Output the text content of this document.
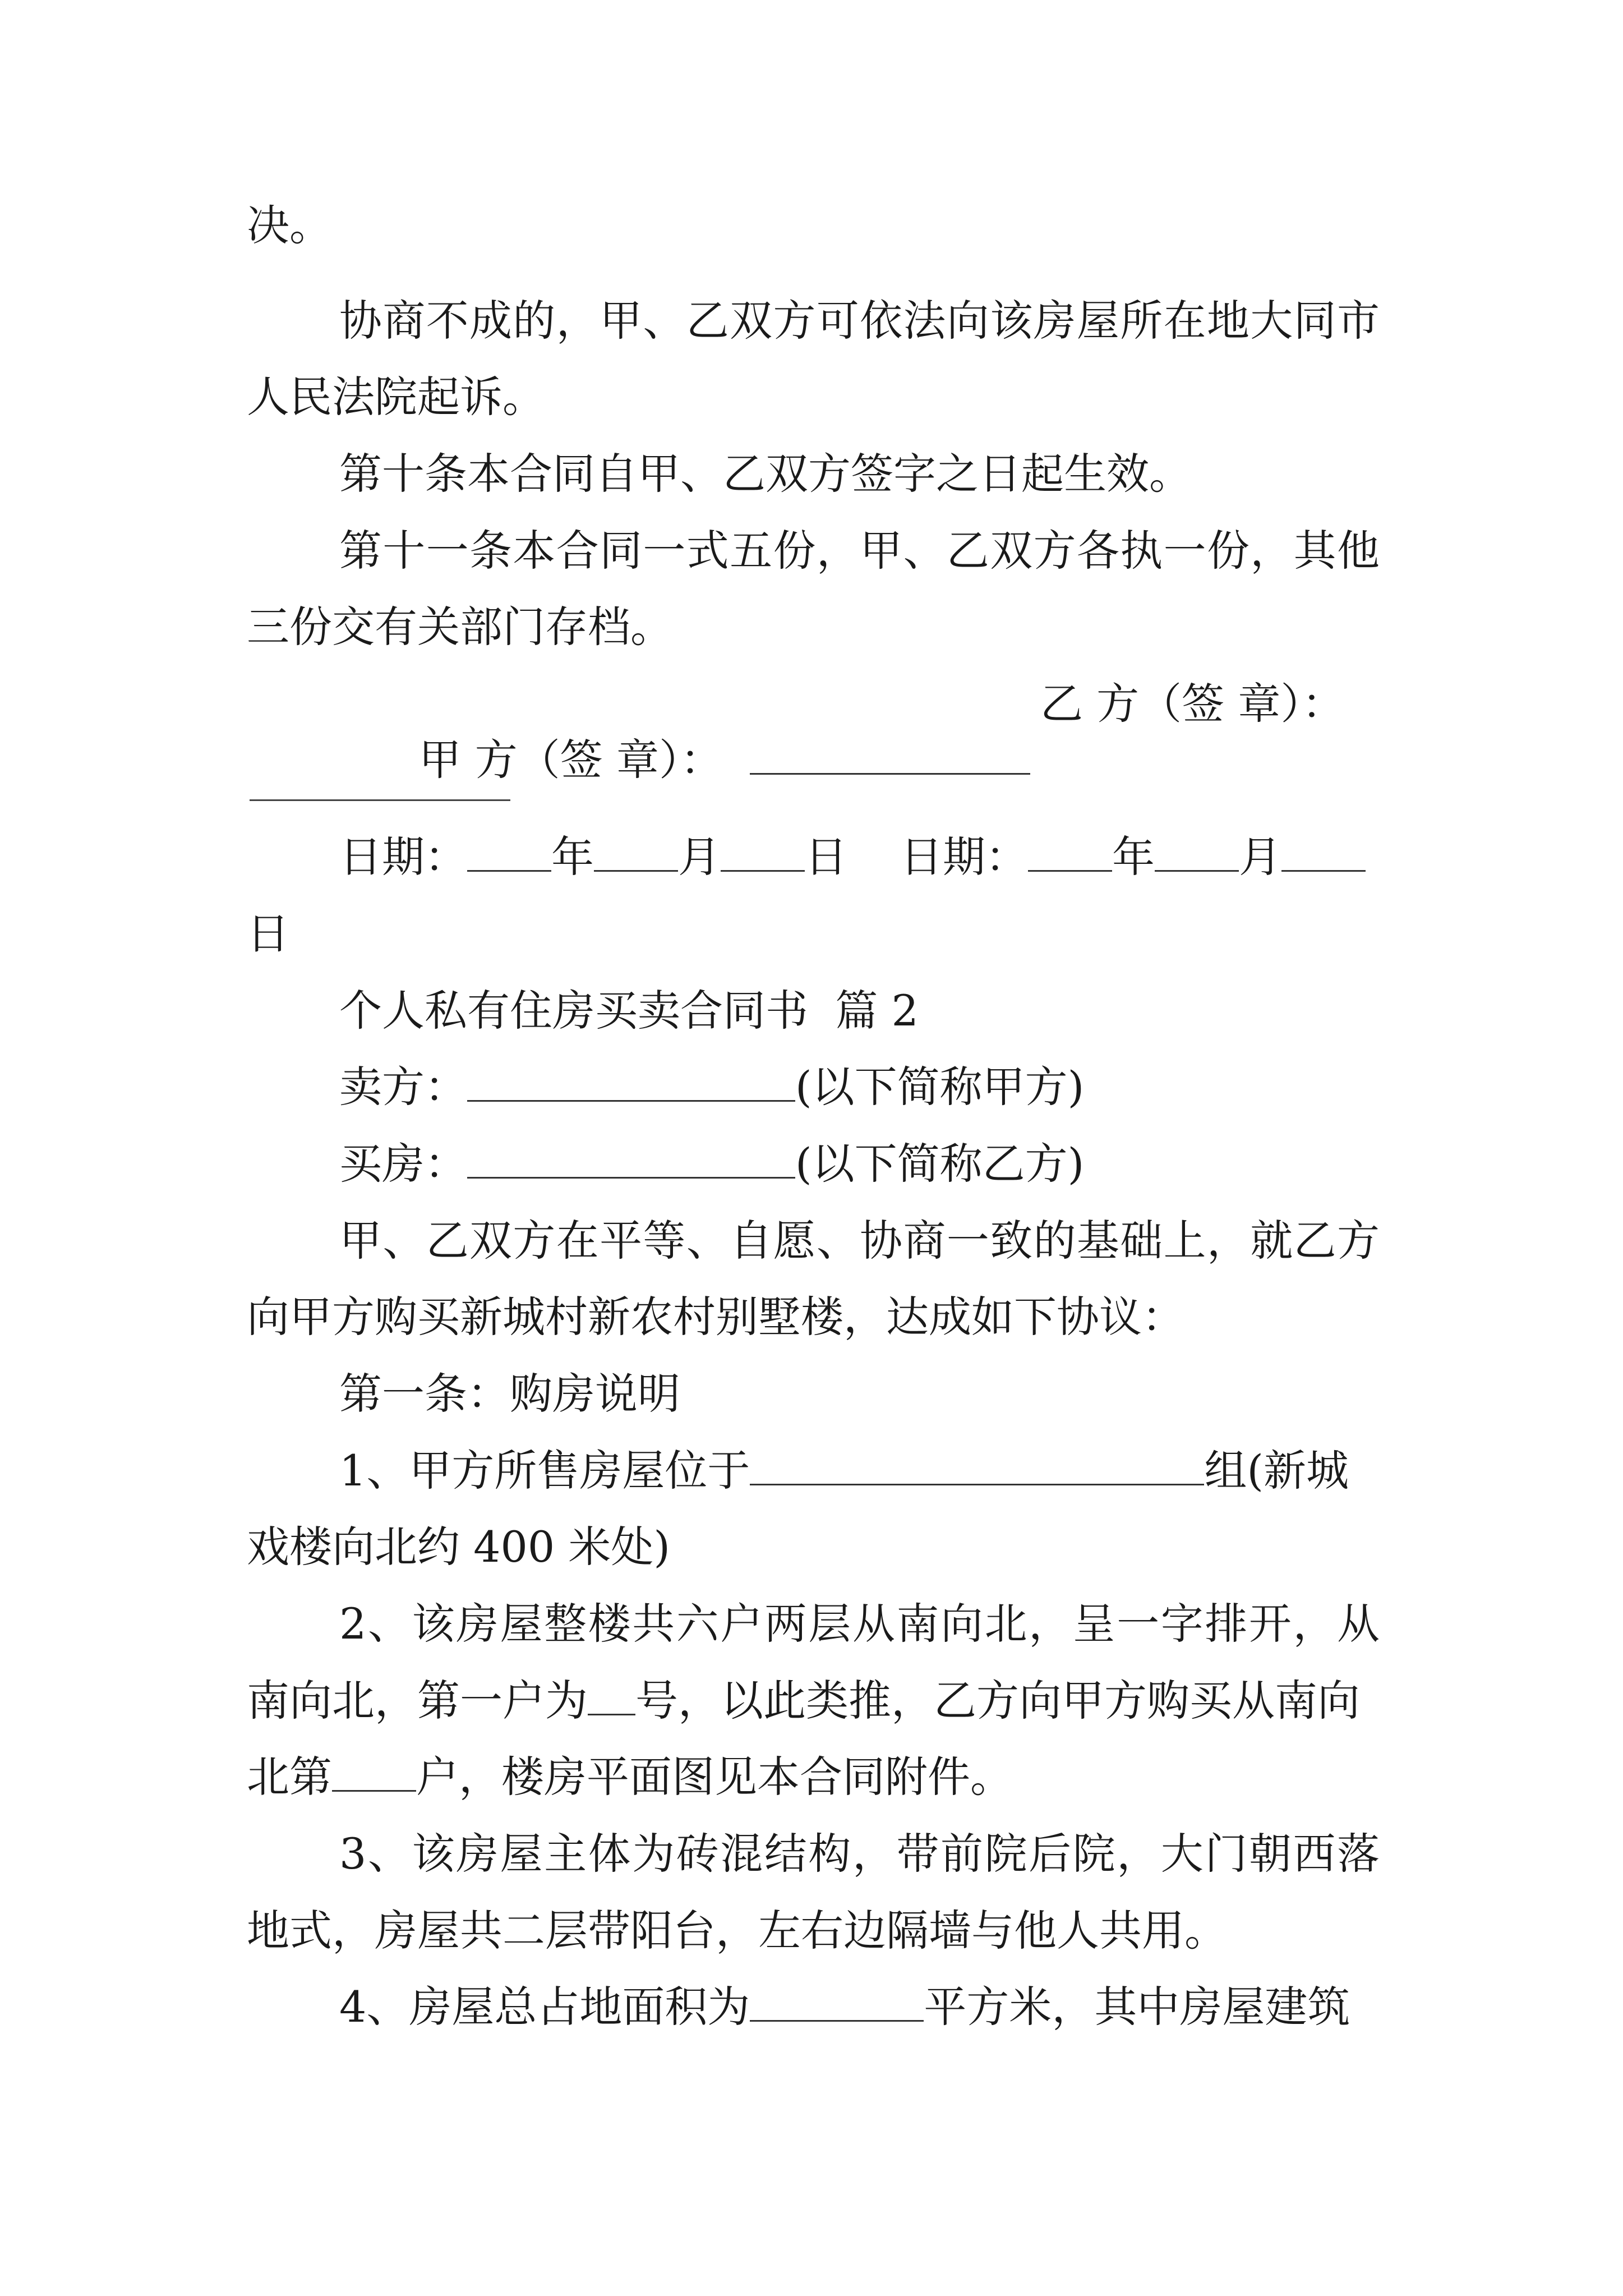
决。

协商不成的，甲、乙双方可依法向该房屋所在地大同市

人民法院起诉。

第十条本合同自甲、乙双方签字之日起生效。

第十一条本合同一式五份，甲、乙双方各执一份，其他

三份交有关部门存档。

甲 方（签 章）：

乙 方（签 章）：

日期： 年 月 日 日期： 年 月

日

个人私有住房买卖合同书  篇 2

卖方：	(以下简称甲方)

买房：	(以下简称乙方)

甲、乙双方在平等、自愿、协商一致的基础上，就乙方

向甲方购买新城村新农村别墅楼，达成如下协议：

第一条：购房说明

1、甲方所售房屋位于	组(新城

戏楼向北约 400 米处)

2、该房屋整楼共六户两层从南向北，呈一字排开，从

南向北，第一户为 号，以此类推，乙方向甲方购买从南向

北第 户，楼房平面图见本合同附件。

3、该房屋主体为砖混结构，带前院后院，大门朝西落

地式，房屋共二层带阳台，左右边隔墙与他人共用。

4、房屋总占地面积为	平方米，其中房屋建筑
